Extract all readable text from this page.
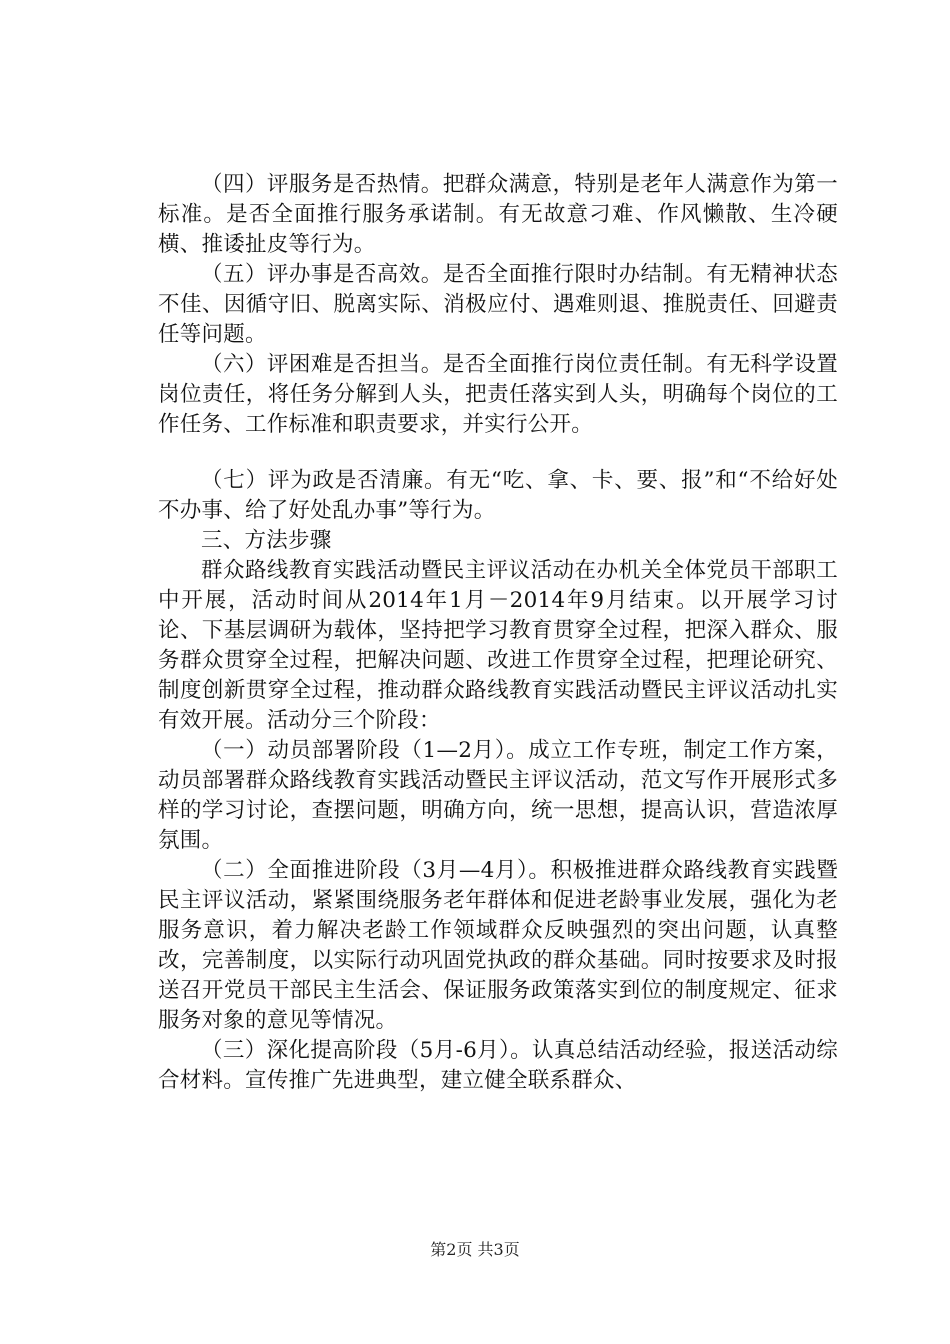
（四）评服务是否热情。把群众满意，特别是老年人满意作为第一标准。是否全面推行服务承诺制。有无故意刁难、作风懒散、生冷硬横、推诿扯皮等行为。

（五）评办事是否高效。是否全面推行限时办结制。有无精神状态不佳、因循守旧、脱离实际、消极应付、遇难则退、推脱责任、回避责任等问题。

（六）评困难是否担当。是否全面推行岗位责任制。有无科学设置岗位责任，将任务分解到人头，把责任落实到人头，明确每个岗位的工作任务、工作标准和职责要求，并实行公开。

（七）评为政是否清廉。有无“吃、拿、卡、要、报”和“不给好处不办事、给了好处乱办事”等行为。

三、方法步骤

群众路线教育实践活动暨民主评议活动在办机关全体党员干部职工中开展，活动时间从2014年1月－2014年9月结束。以开展学习讨论、下基层调研为载体，坚持把学习教育贯穿全过程，把深入群众、服务群众贯穿全过程，把解决问题、改进工作贯穿全过程，把理论研究、制度创新贯穿全过程，推动群众路线教育实践活动暨民主评议活动扎实有效开展。活动分三个阶段：

（一）动员部署阶段（1—2月）。成立工作专班，制定工作方案，动员部署群众路线教育实践活动暨民主评议活动，范文写作开展形式多样的学习讨论，查摆问题，明确方向，统一思想，提高认识，营造浓厚氛围。

（二）全面推进阶段（3月—4月）。积极推进群众路线教育实践暨民主评议活动，紧紧围绕服务老年群体和促进老龄事业发展，强化为老服务意识，着力解决老龄工作领域群众反映强烈的突出问题，认真整改，完善制度，以实际行动巩固党执政的群众基础。同时按要求及时报送召开党员干部民主生活会、保证服务政策落实到位的制度规定、征求服务对象的意见等情况。

（三）深化提高阶段（5月-6月）。认真总结活动经验，报送活动综合材料。宣传推广先进典型，建立健全联系群众、

第2页 共3页
